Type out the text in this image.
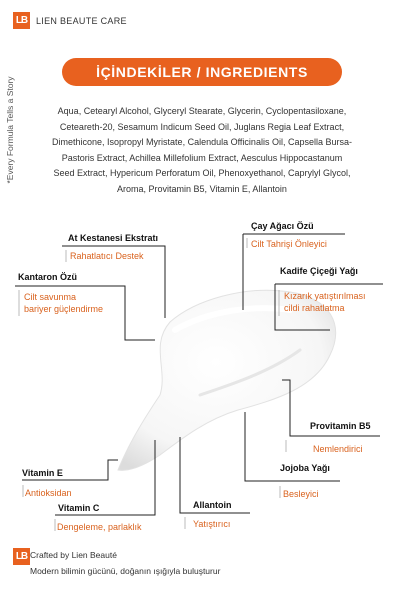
LB LIEN BEAUTE CARE
*Every Formula Tells a Story
İÇİNDEKİLER / INGREDIENTS
Aqua, Cetearyl Alcohol, Glyceryl Stearate, Glycerin, Cyclopentasiloxane, Ceteareth-20, Sesamum Indicum Seed Oil, Juglans Regia Leaf Extract, Dimethicone, Isopropyl Myristate, Calendula Officinalis Oil, Capsella Bursa-Pastoris Extract, Achillea Millefolium Extract, Aesculus Hippocastanum Seed Extract, Hypericum Perforatum Oil, Phenoxyethanol, Caprylyl Glycol, Aroma, Provitamin B5, Vitamin E, Allantoin
At Kestanesi Ekstratı
Rahatlatıcı Destek
Çay Ağacı Özü
Cilt Tahrişi Önleyici
Kantaron Özü
Cilt savunma
bariyer güçlendirme
Kadife Çiçeği Yağı
Kızarık yatıştırılması
cildi rahatlatma
Provitamin B5
Nemlendirici
Vitamin E
Antioksidan
Jojoba Yağı
Besleyici
Vitamin C
Dengeleme, parlaklık
Allantoin
Yatıştırıcı
LB Crafted by Lien Beauté
Modern bilimin gücünü, doğanın ışığıyla buluşturur
